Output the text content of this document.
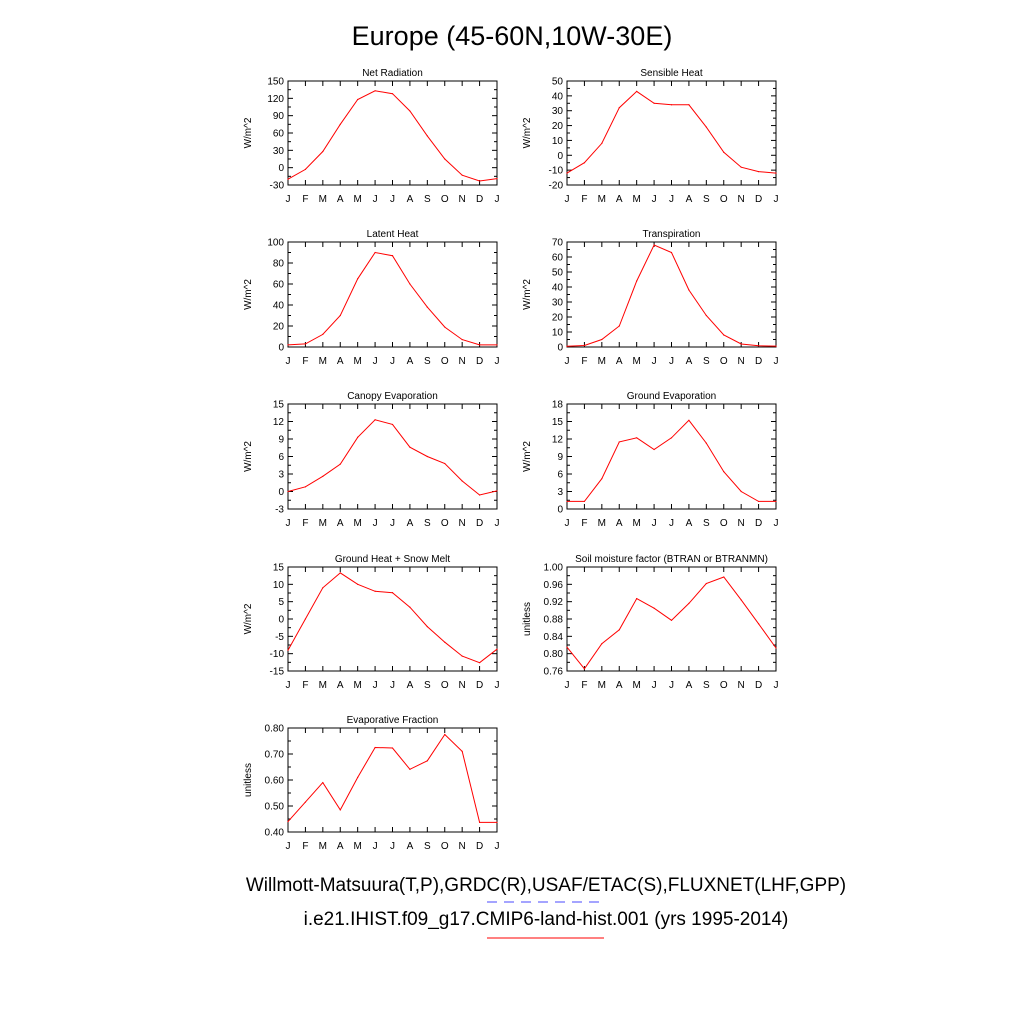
Europe (45-60N,10W-30E)
Net Radiation
W/m^2
-30
0
30
60
90
120
150
J F M A M J J A S O N D J
Sensible Heat
W/m^2
-20
-10
0
10
20
30
40
50
J F M A M J J A S O N D J
Latent Heat
W/m^2
0
20
40
60
80
100
J F M A M J J A S O N D J
Transpiration
W/m^2
0
10
20
30
40
50
60
70
J F M A M J J A S O N D J
Canopy Evaporation
W/m^2
-3
0
3
6
9
12
15
J F M A M J J A S O N D J
Ground Evaporation
W/m^2
0
3
6
9
12
15
18
J F M A M J J A S O N D J
Ground Heat + Snow Melt
W/m^2
-15
-10
-5
0
5
10
15
J F M A M J J A S O N D J
Soil moisture factor (BTRAN or BTRANMN)
unitless
0.76
0.80
0.84
0.88
0.92
0.96
1.00
J F M A M J J A S O N D J
Evaporative Fraction
unitless
0.40
0.50
0.60
0.70
0.80
J F M A M J J A S O N D J
Willmott-Matsuura(T,P),GRDC(R),USAF/ETAC(S),FLUXNET(LHF,GPP)
i.e21.IHIST.f09_g17.CMIP6-land-hist.001 (yrs 1995-2014)
